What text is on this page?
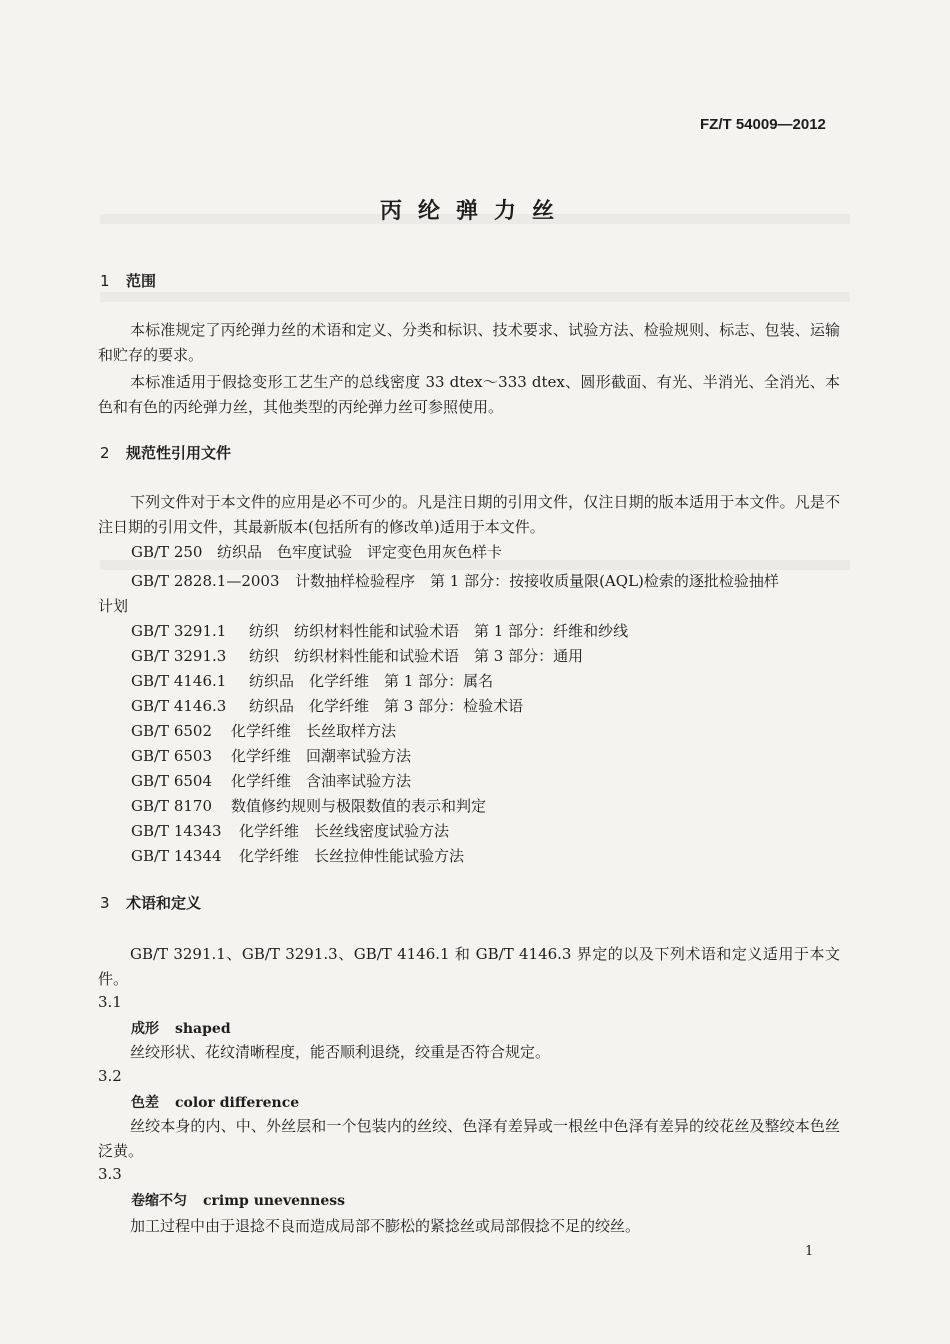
FZ/T 54009—2012
丙纶弹力丝
1 范围
本标准规定了丙纶弹力丝的术语和定义、分类和标识、技术要求、试验方法、检验规则、标志、包装、运输和贮存的要求。
本标准适用于假捻变形工艺生产的总线密度 33 dtex～333 dtex、圆形截面、有光、半消光、全消光、本色和有色的丙纶弹力丝，其他类型的丙纶弹力丝可参照使用。
2 规范性引用文件
下列文件对于本文件的应用是必不可少的。凡是注日期的引用文件，仅注日期的版本适用于本文件。凡是不注日期的引用文件，其最新版本(包括所有的修改单)适用于本文件。
GB/T 250 纺织品　色牢度试验　评定变色用灰色样卡
GB/T 2828.1—2003 计数抽样检验程序　第 1 部分：按接收质量限(AQL)检索的逐批检验抽样
计划
GB/T 3291.1 纺织　纺织材料性能和试验术语　第 1 部分：纤维和纱线
GB/T 3291.3 纺织　纺织材料性能和试验术语　第 3 部分：通用
GB/T 4146.1 纺织品　化学纤维　第 1 部分：属名
GB/T 4146.3 纺织品　化学纤维　第 3 部分：检验术语
GB/T 6502 化学纤维　长丝取样方法
GB/T 6503 化学纤维　回潮率试验方法
GB/T 6504 化学纤维　含油率试验方法
GB/T 8170 数值修约规则与极限数值的表示和判定
GB/T 14343 化学纤维　长丝线密度试验方法
GB/T 14344 化学纤维　长丝拉伸性能试验方法
3 术语和定义
GB/T 3291.1、GB/T 3291.3、GB/T 4146.1 和 GB/T 4146.3 界定的以及下列术语和定义适用于本文件。
3.1
成形 shaped
丝绞形状、花纹清晰程度，能否顺利退绕，绞重是否符合规定。
3.2
色差 color difference
丝绞本身的内、中、外丝层和一个包装内的丝绞、色泽有差异或一根丝中色泽有差异的绞花丝及整绞本色丝泛黄。
3.3
卷缩不匀 crimp unevenness
加工过程中由于退捻不良而造成局部不膨松的紧捻丝或局部假捻不足的绞丝。
1
